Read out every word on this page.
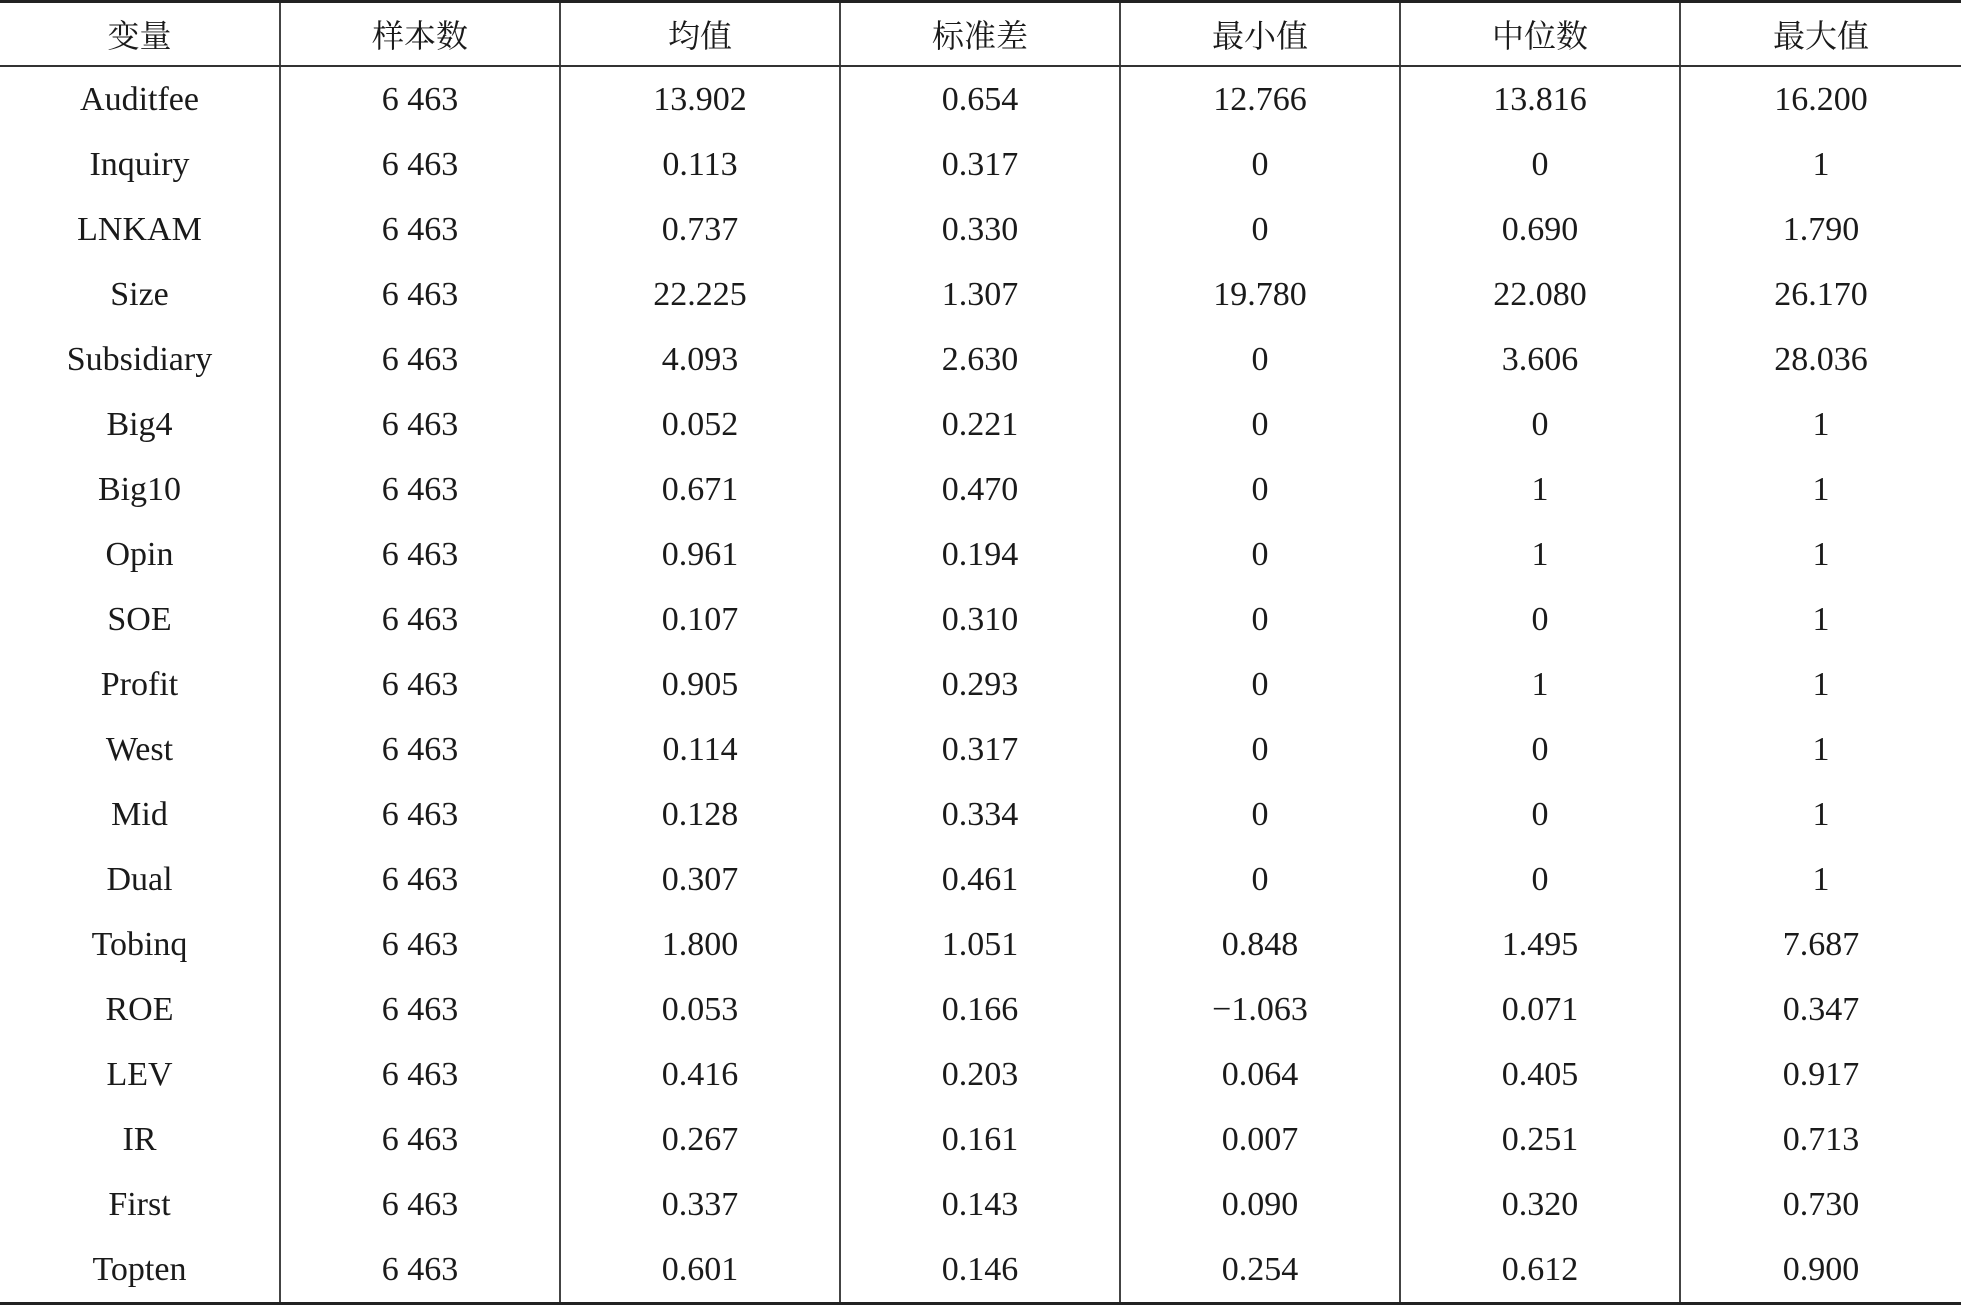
变量	样本数	均值	标准差	最小值	中位数	最大值
Auditfee	6 463	13.902	0.654	12.766	13.816	16.200
Inquiry	6 463	0.113	0.317	0	0	1
LNKAM	6 463	0.737	0.330	0	0.690	1.790
Size	6 463	22.225	1.307	19.780	22.080	26.170
Subsidiary	6 463	4.093	2.630	0	3.606	28.036
Big4	6 463	0.052	0.221	0	0	1
Big10	6 463	0.671	0.470	0	1	1
Opin	6 463	0.961	0.194	0	1	1
SOE	6 463	0.107	0.310	0	0	1
Profit	6 463	0.905	0.293	0	1	1
West	6 463	0.114	0.317	0	0	1
Mid	6 463	0.128	0.334	0	0	1
Dual	6 463	0.307	0.461	0	0	1
Tobinq	6 463	1.800	1.051	0.848	1.495	7.687
ROE	6 463	0.053	0.166	−1.063	0.071	0.347
LEV	6 463	0.416	0.203	0.064	0.405	0.917
IR	6 463	0.267	0.161	0.007	0.251	0.713
First	6 463	0.337	0.143	0.090	0.320	0.730
Topten	6 463	0.601	0.146	0.254	0.612	0.900
